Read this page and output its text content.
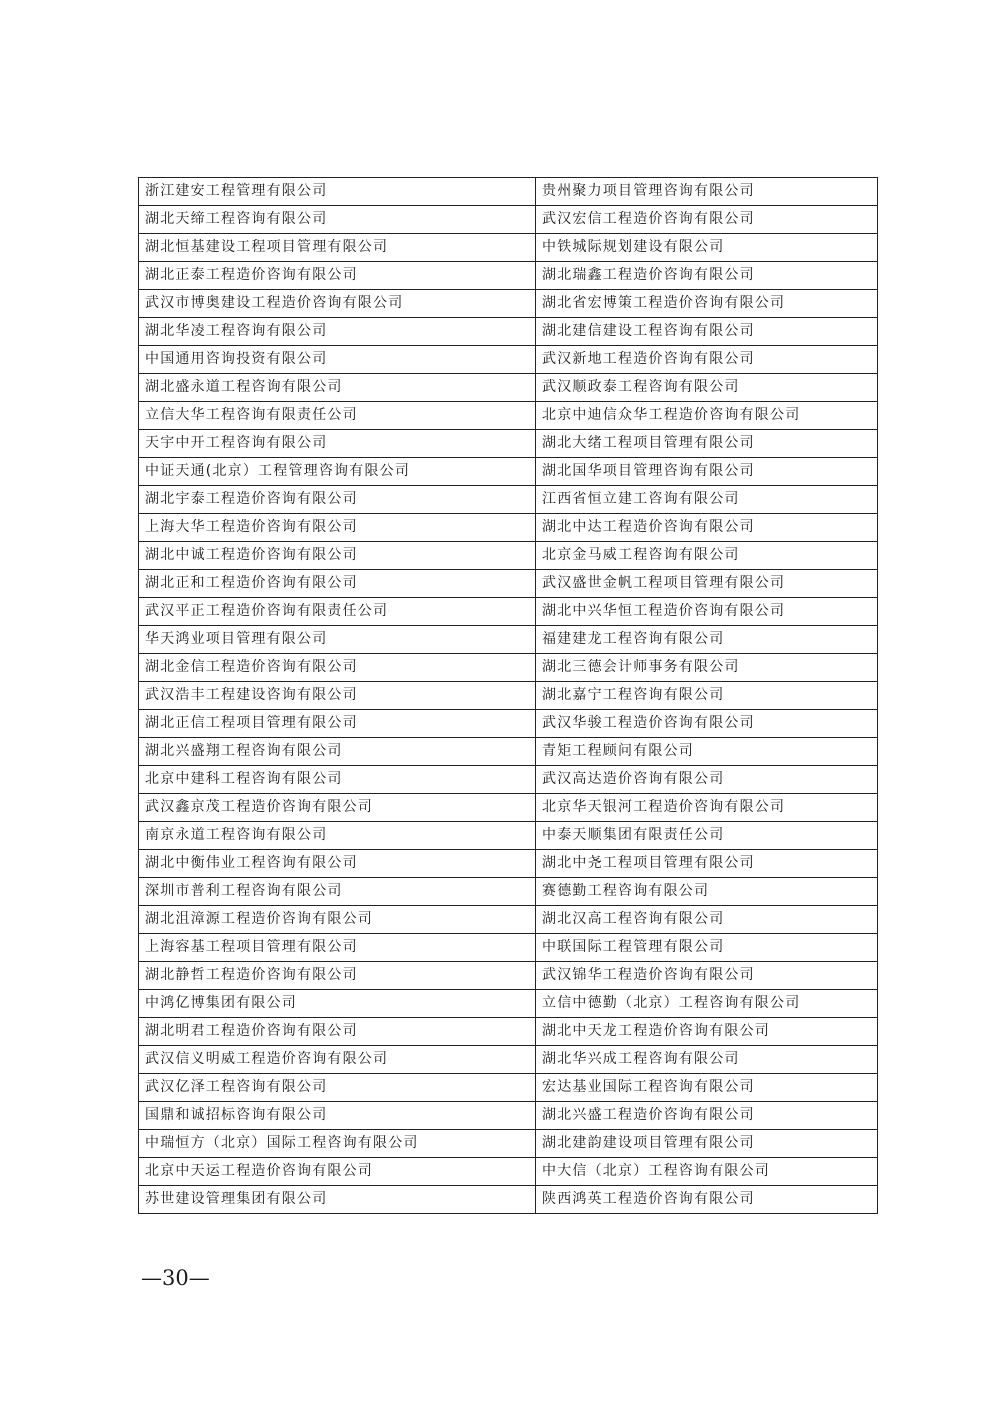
浙江建安工程管理有限公司	贵州聚力项目管理咨询有限公司
湖北天缔工程咨询有限公司	武汉宏信工程造价咨询有限公司
湖北恒基建设工程项目管理有限公司	中铁城际规划建设有限公司
湖北正泰工程造价咨询有限公司	湖北瑞鑫工程造价咨询有限公司
武汉市博奥建设工程造价咨询有限公司	湖北省宏博策工程造价咨询有限公司
湖北华凌工程咨询有限公司	湖北建信建设工程咨询有限公司
中国通用咨询投资有限公司	武汉新地工程造价咨询有限公司
湖北盛永道工程咨询有限公司	武汉顺政泰工程咨询有限公司
立信大华工程咨询有限责任公司	北京中迪信众华工程造价咨询有限公司
天宇中开工程咨询有限公司	湖北大绪工程项目管理有限公司
中证天通(北京）工程管理咨询有限公司	湖北国华项目管理咨询有限公司
湖北宇泰工程造价咨询有限公司	江西省恒立建工咨询有限公司
上海大华工程造价咨询有限公司	湖北中达工程造价咨询有限公司
湖北中诚工程造价咨询有限公司	北京金马威工程咨询有限公司
湖北正和工程造价咨询有限公司	武汉盛世金帆工程项目管理有限公司
武汉平正工程造价咨询有限责任公司	湖北中兴华恒工程造价咨询有限公司
华天鸿业项目管理有限公司	福建建龙工程咨询有限公司
湖北金信工程造价咨询有限公司	湖北三德会计师事务有限公司
武汉浩丰工程建设咨询有限公司	湖北嘉宁工程咨询有限公司
湖北正信工程项目管理有限公司	武汉华骏工程造价咨询有限公司
湖北兴盛翔工程咨询有限公司	青矩工程顾问有限公司
北京中建科工程咨询有限公司	武汉高达造价咨询有限公司
武汉鑫京茂工程造价咨询有限公司	北京华天银河工程造价咨询有限公司
南京永道工程咨询有限公司	中泰天顺集团有限责任公司
湖北中衡伟业工程咨询有限公司	湖北中尧工程项目管理有限公司
深圳市普利工程咨询有限公司	赛德勤工程咨询有限公司
湖北沮漳源工程造价咨询有限公司	湖北汉高工程咨询有限公司
上海容基工程项目管理有限公司	中联国际工程管理有限公司
湖北静哲工程造价咨询有限公司	武汉锦华工程造价咨询有限公司
中鸿亿博集团有限公司	立信中德勤（北京）工程咨询有限公司
湖北明君工程造价咨询有限公司	湖北中天龙工程造价咨询有限公司
武汉信义明威工程造价咨询有限公司	湖北华兴成工程咨询有限公司
武汉亿泽工程咨询有限公司	宏达基业国际工程咨询有限公司
国鼎和诚招标咨询有限公司	湖北兴盛工程造价咨询有限公司
中瑞恒方（北京）国际工程咨询有限公司	湖北建韵建设项目管理有限公司
北京中天运工程造价咨询有限公司	中大信（北京）工程咨询有限公司
苏世建设管理集团有限公司	陕西鸿英工程造价咨询有限公司
—30—
